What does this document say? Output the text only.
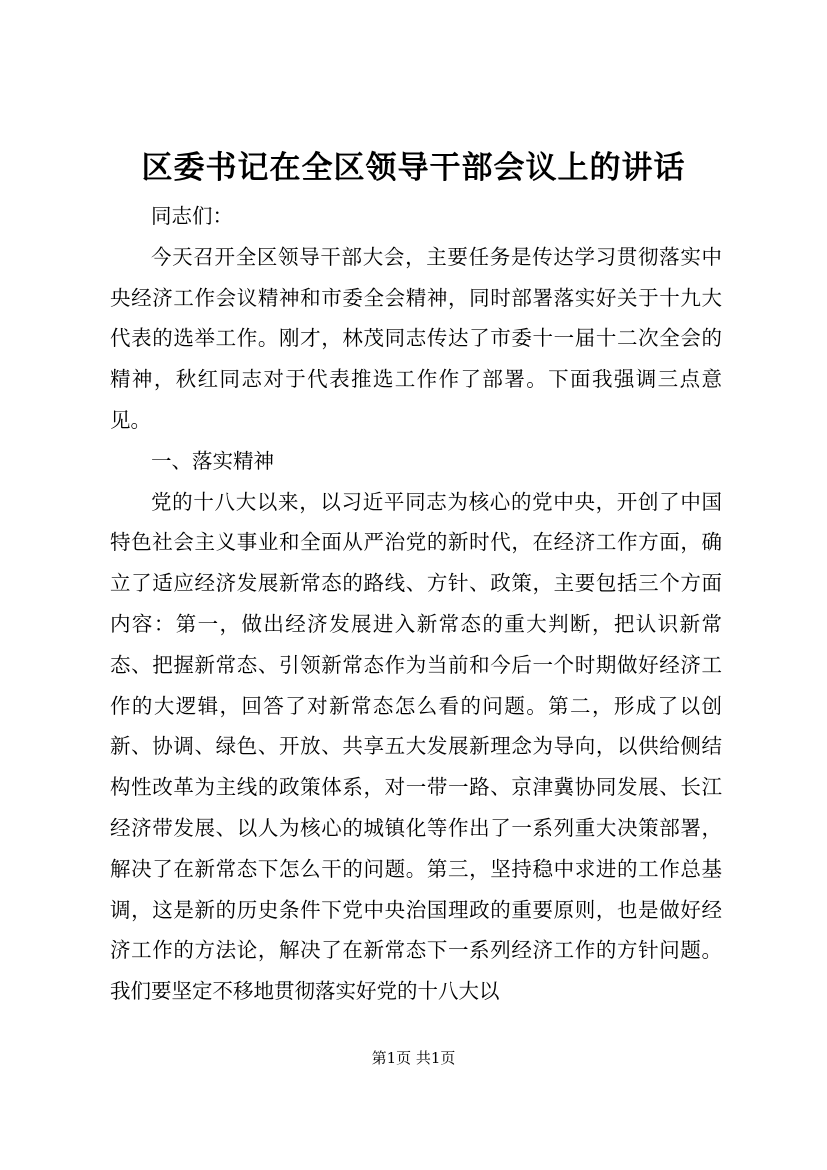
区委书记在全区领导干部会议上的讲话

同志们：

今天召开全区领导干部大会，主要任务是传达学习贯彻落实中央经济工作会议精神和市委全会精神，同时部署落实好关于十九大代表的选举工作。刚才，林茂同志传达了市委十一届十二次全会的精神，秋红同志对于代表推选工作作了部署。下面我强调三点意见。

一、落实精神

党的十八大以来，以习近平同志为核心的党中央，开创了中国特色社会主义事业和全面从严治党的新时代，在经济工作方面，确立了适应经济发展新常态的路线、方针、政策，主要包括三个方面内容：第一，做出经济发展进入新常态的重大判断，把认识新常态、把握新常态、引领新常态作为当前和今后一个时期做好经济工作的大逻辑，回答了对新常态怎么看的问题。第二，形成了以创新、协调、绿色、开放、共享五大发展新理念为导向，以供给侧结构性改革为主线的政策体系，对一带一路、京津冀协同发展、长江经济带发展、以人为核心的城镇化等作出了一系列重大决策部署，解决了在新常态下怎么干的问题。第三，坚持稳中求进的工作总基调，这是新的历史条件下党中央治国理政的重要原则，也是做好经济工作的方法论，解决了在新常态下一系列经济工作的方针问题。我们要坚定不移地贯彻落实好党的十八大以

第1页 共1页
